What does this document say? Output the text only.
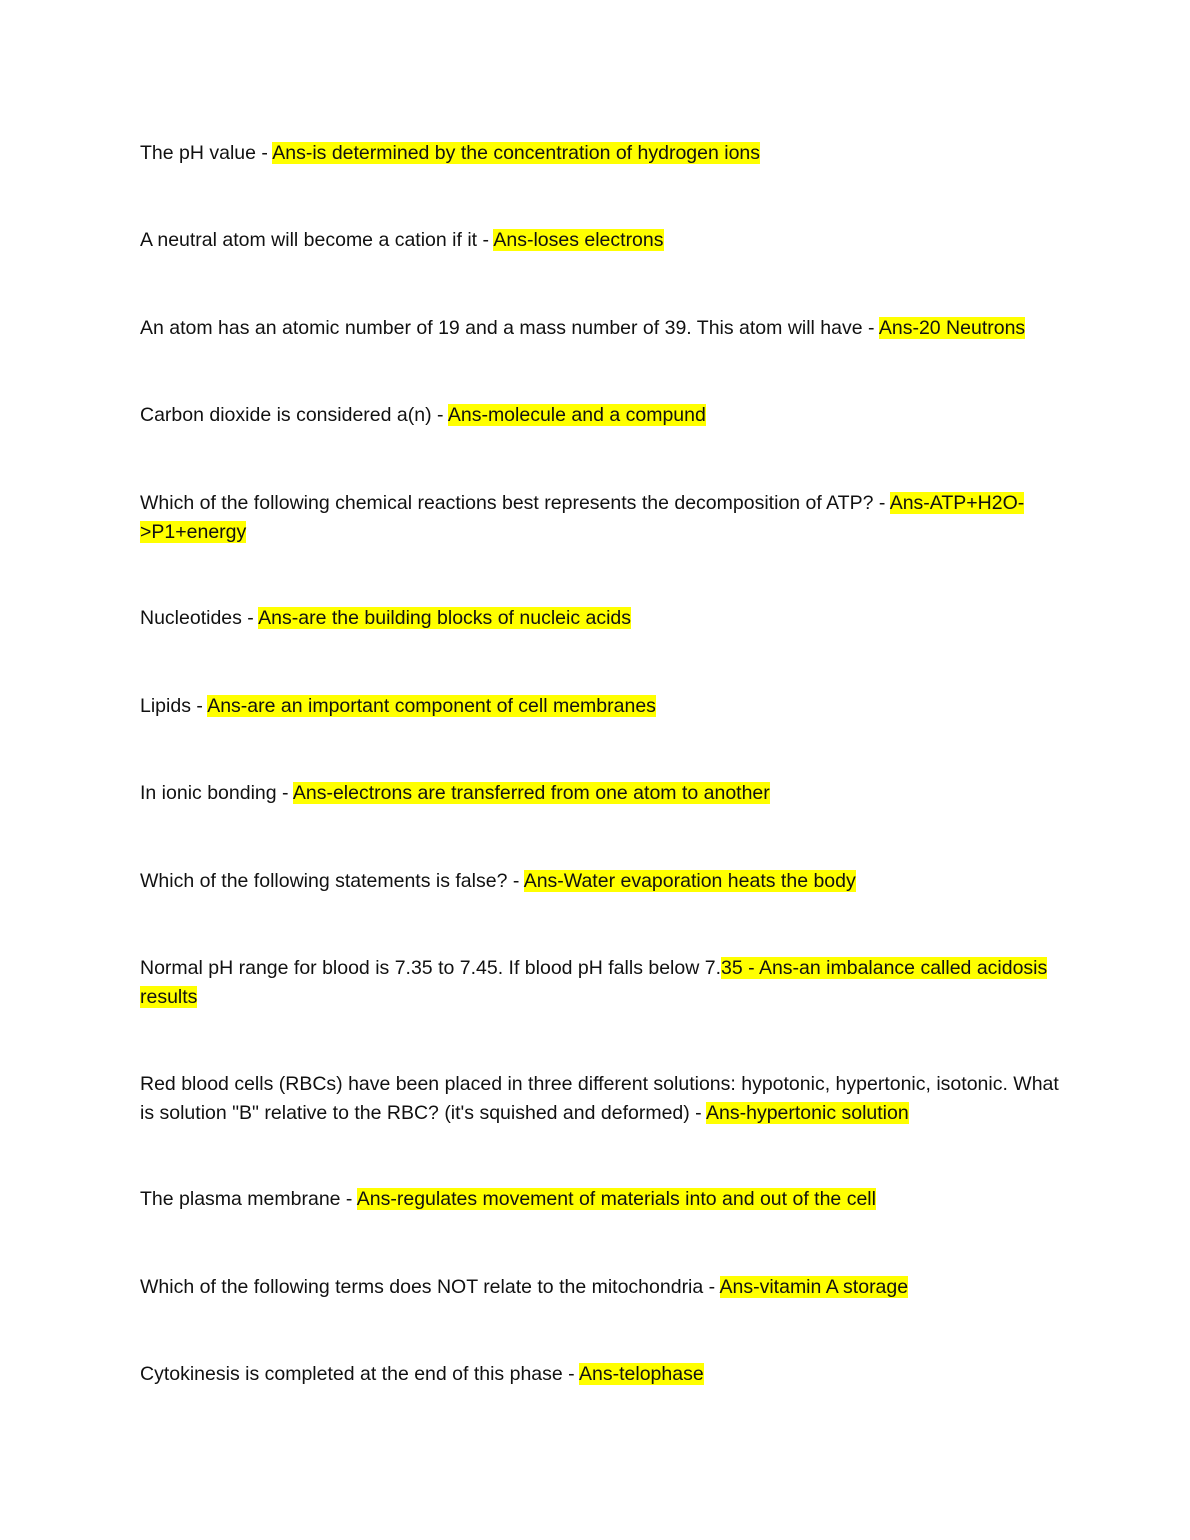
The pH value - Ans-is determined by the concentration of hydrogen ions

A neutral atom will become a cation if it - Ans-loses electrons

An atom has an atomic number of 19 and a mass number of 39. This atom will have - Ans-20 Neutrons

Carbon dioxide is considered a(n) - Ans-molecule and a compund

Which of the following chemical reactions best represents the decomposition of ATP? - Ans-ATP+H2O->P1+energy

Nucleotides - Ans-are the building blocks of nucleic acids

Lipids - Ans-are an important component of cell membranes

In ionic bonding - Ans-electrons are transferred from one atom to another

Which of the following statements is false? - Ans-Water evaporation heats the body

Normal pH range for blood is 7.35 to 7.45. If blood pH falls below 7.35 - Ans-an imbalance called acidosis results

Red blood cells (RBCs) have been placed in three different solutions: hypotonic, hypertonic, isotonic. What is solution "B" relative to the RBC? (it's squished and deformed) - Ans-hypertonic solution

The plasma membrane - Ans-regulates movement of materials into and out of the cell

Which of the following terms does NOT relate to the mitochondria - Ans-vitamin A storage

Cytokinesis is completed at the end of this phase - Ans-telophase
